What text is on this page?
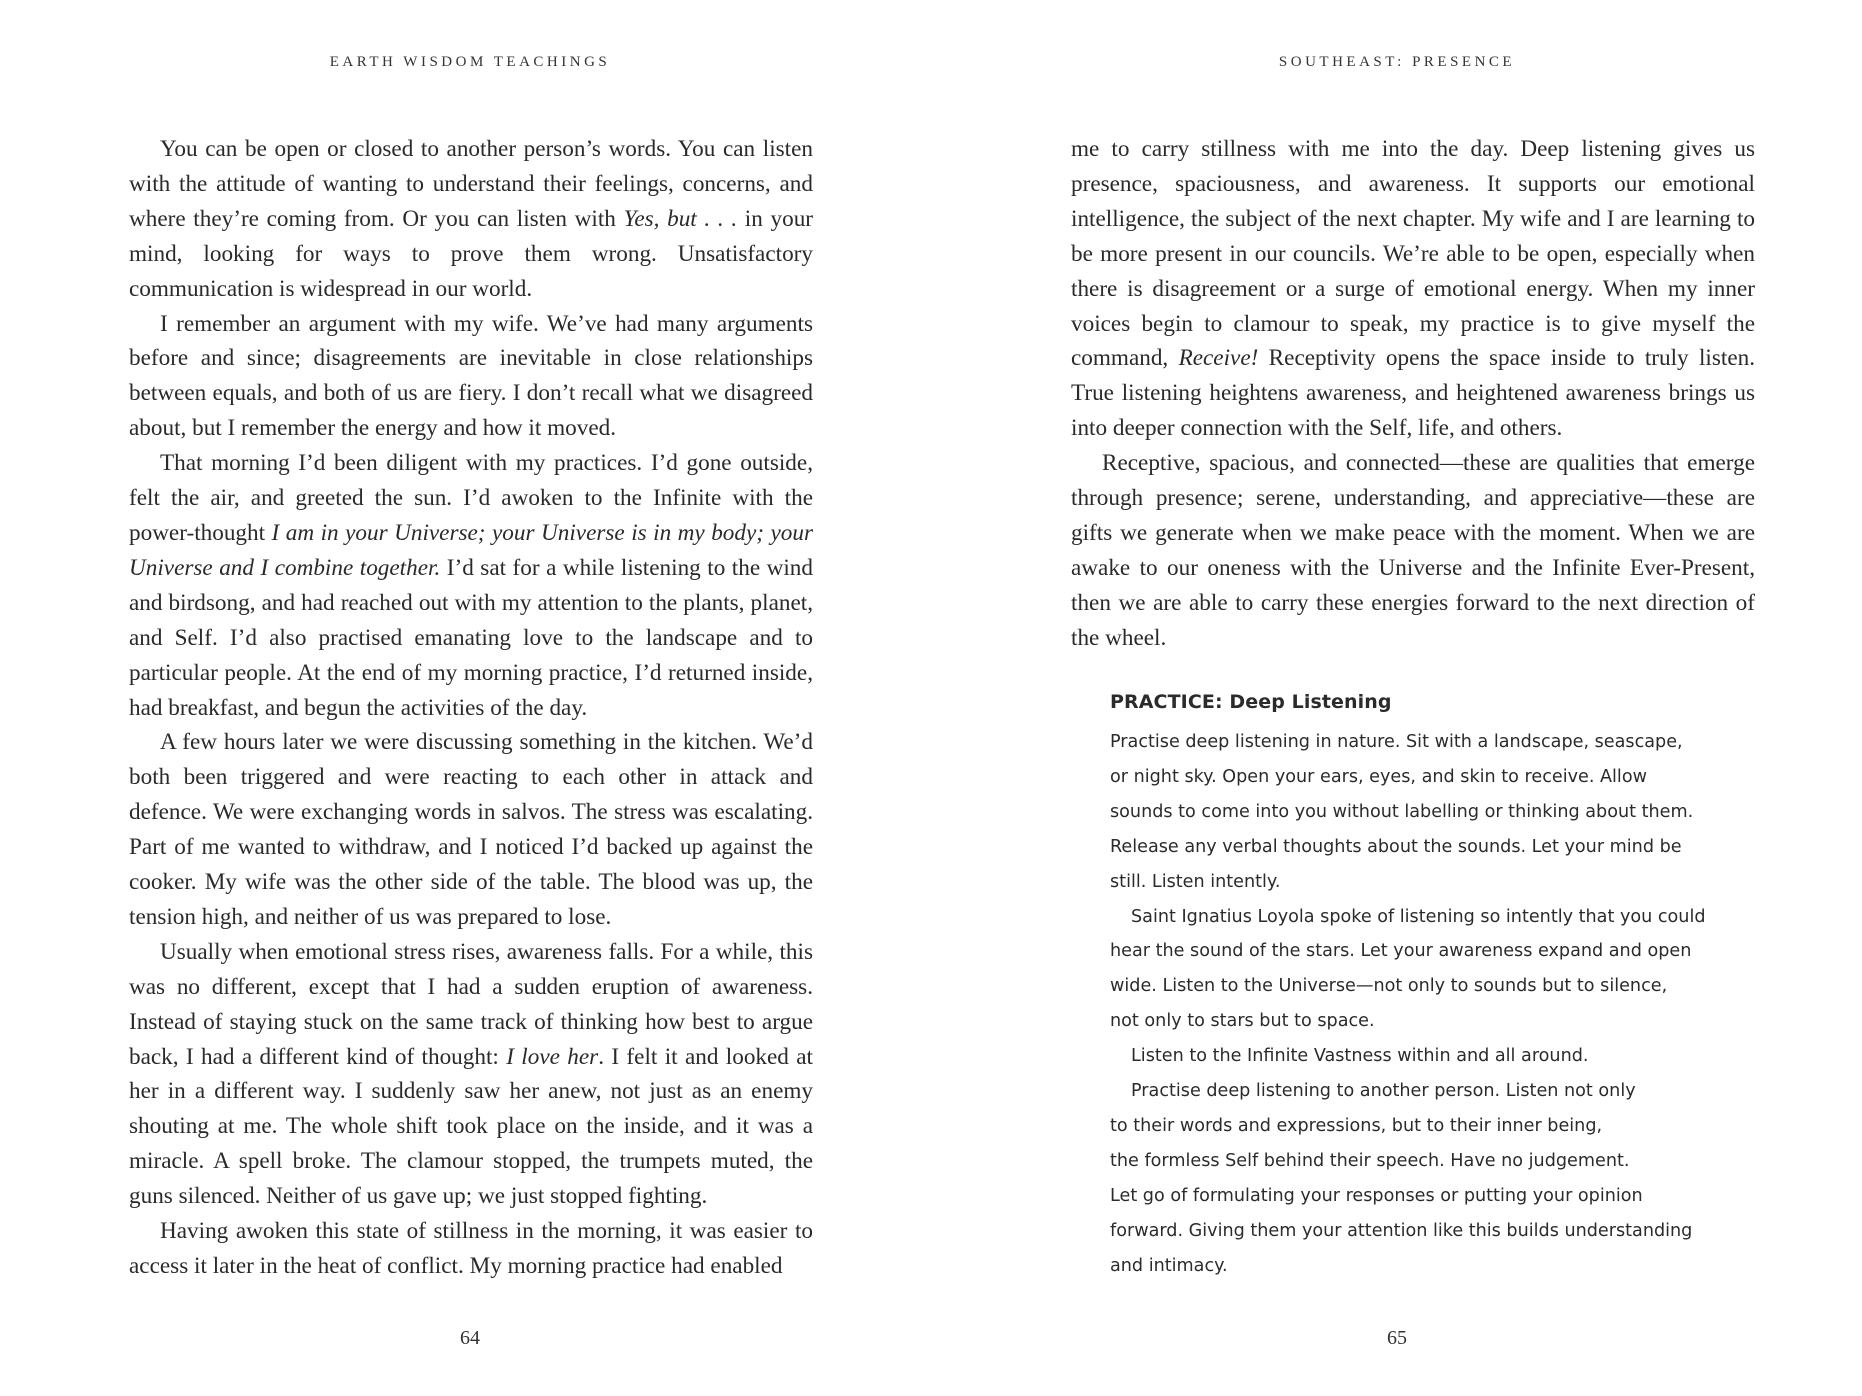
EARTH WISDOM TEACHINGS

You can be open or closed to another person’s words. You can listen with the attitude of wanting to understand their feelings, concerns, and where they’re coming from. Or you can listen with Yes, but . . . in your mind, looking for ways to prove them wrong. Unsatisfactory communication is widespread in our world.

I remember an argument with my wife. We’ve had many arguments before and since; disagreements are inevitable in close relationships between equals, and both of us are fiery. I don’t recall what we disagreed about, but I remember the energy and how it moved.

That morning I’d been diligent with my practices. I’d gone outside, felt the air, and greeted the sun. I’d awoken to the Infinite with the power-thought I am in your Universe; your Universe is in my body; your Universe and I combine together. I’d sat for a while listening to the wind and birdsong, and had reached out with my attention to the plants, planet, and Self. I’d also practised emanating love to the landscape and to particular people. At the end of my morning practice, I’d returned inside, had breakfast, and begun the activities of the day.

A few hours later we were discussing something in the kitchen. We’d both been triggered and were reacting to each other in attack and defence. We were exchanging words in salvos. The stress was escalating. Part of me wanted to withdraw, and I noticed I’d backed up against the cooker. My wife was the other side of the table. The blood was up, the tension high, and neither of us was prepared to lose.

Usually when emotional stress rises, awareness falls. For a while, this was no different, except that I had a sudden eruption of awareness. Instead of staying stuck on the same track of thinking how best to argue back, I had a different kind of thought: I love her. I felt it and looked at her in a different way. I suddenly saw her anew, not just as an enemy shouting at me. The whole shift took place on the inside, and it was a miracle. A spell broke. The clamour stopped, the trumpets muted, the guns silenced. Neither of us gave up; we just stopped fighting.

Having awoken this state of stillness in the morning, it was easier to access it later in the heat of conflict. My morning practice had enabled

64
SOUTHEAST: PRESENCE

me to carry stillness with me into the day. Deep listening gives us presence, spaciousness, and awareness. It supports our emotional intelligence, the subject of the next chapter. My wife and I are learning to be more present in our councils. We’re able to be open, especially when there is disagreement or a surge of emotional energy. When my inner voices begin to clamour to speak, my practice is to give myself the command, Receive! Receptivity opens the space inside to truly listen. True listening heightens awareness, and heightened awareness brings us into deeper connection with the Self, life, and others.

Receptive, spacious, and connected—these are qualities that emerge through presence; serene, understanding, and appreciative—these are gifts we generate when we make peace with the moment. When we are awake to our oneness with the Universe and the Infinite Ever-Present, then we are able to carry these energies forward to the next direction of the wheel.

PRACTICE: Deep Listening
Practise deep listening in nature. Sit with a landscape, seascape,
or night sky. Open your ears, eyes, and skin to receive. Allow
sounds to come into you without labelling or thinking about them.
Release any verbal thoughts about the sounds. Let your mind be
still. Listen intently.
Saint Ignatius Loyola spoke of listening so intently that you could
hear the sound of the stars. Let your awareness expand and open
wide. Listen to the Universe—not only to sounds but to silence,
not only to stars but to space.
Listen to the Infinite Vastness within and all around.
Practise deep listening to another person. Listen not only
to their words and expressions, but to their inner being,
the formless Self behind their speech. Have no judgement.
Let go of formulating your responses or putting your opinion
forward. Giving them your attention like this builds understanding
and intimacy.
65
